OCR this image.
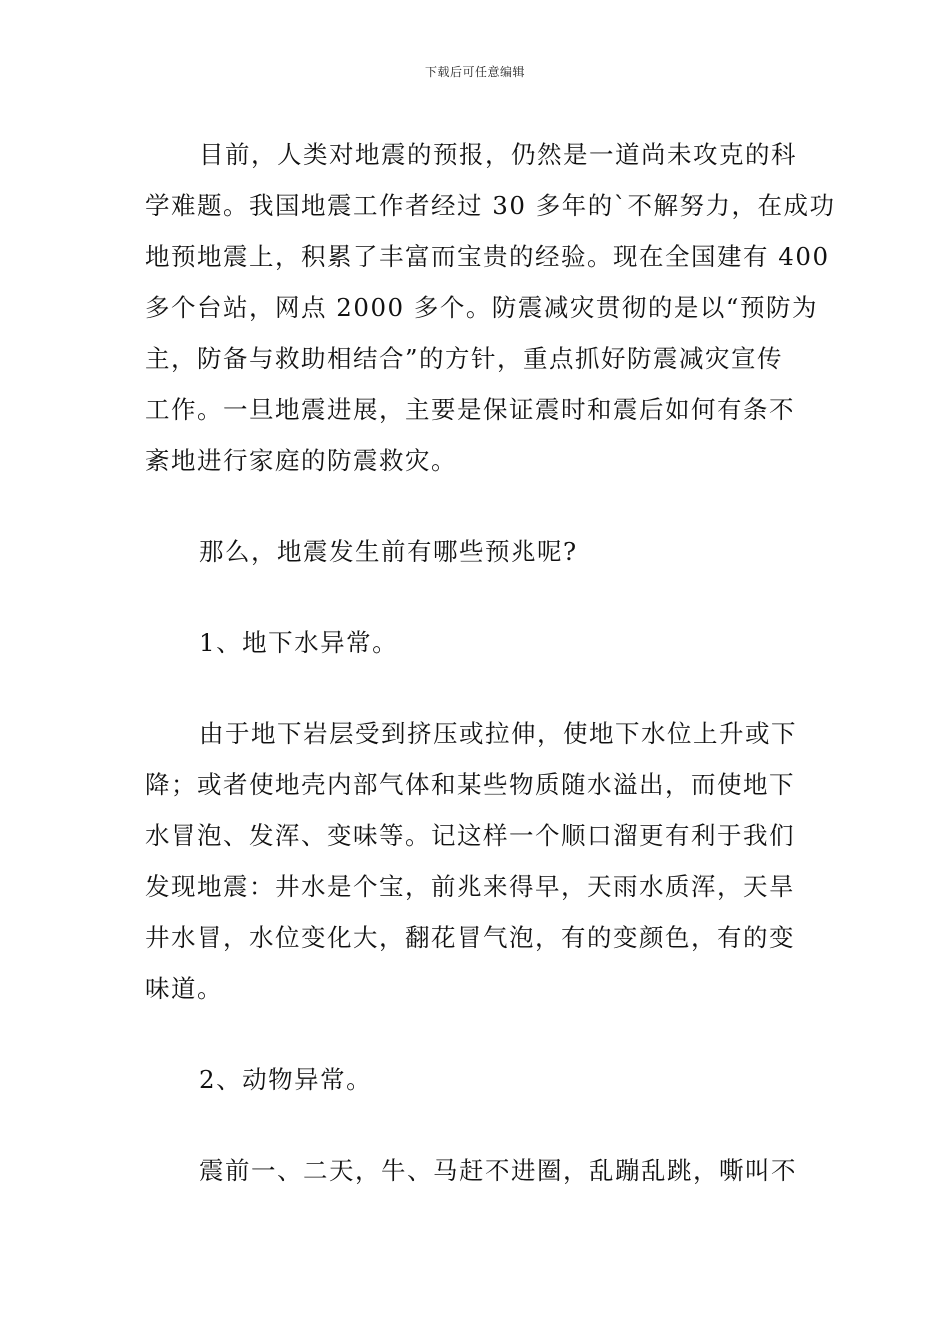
下载后可任意编辑
目前，人类对地震的预报，仍然是一道尚未攻克的科
学难题。我国地震工作者经过 30 多年的`不解努力，在成功
地预地震上，积累了丰富而宝贵的经验。现在全国建有 400
多个台站，网点 2000 多个。防震减灾贯彻的是以“预防为
主，防备与救助相结合”的方针，重点抓好防震减灾宣传
工作。一旦地震进展，主要是保证震时和震后如何有条不
紊地进行家庭的防震救灾。
那么，地震发生前有哪些预兆呢?
1、地下水异常。
由于地下岩层受到挤压或拉伸，使地下水位上升或下
降；或者使地壳内部气体和某些物质随水溢出，而使地下
水冒泡、发浑、变味等。记这样一个顺口溜更有利于我们
发现地震：井水是个宝，前兆来得早，天雨水质浑，天旱
井水冒，水位变化大，翻花冒气泡，有的变颜色，有的变
味道。
2、动物异常。
震前一、二天，牛、马赶不进圈，乱蹦乱跳，嘶叫不
